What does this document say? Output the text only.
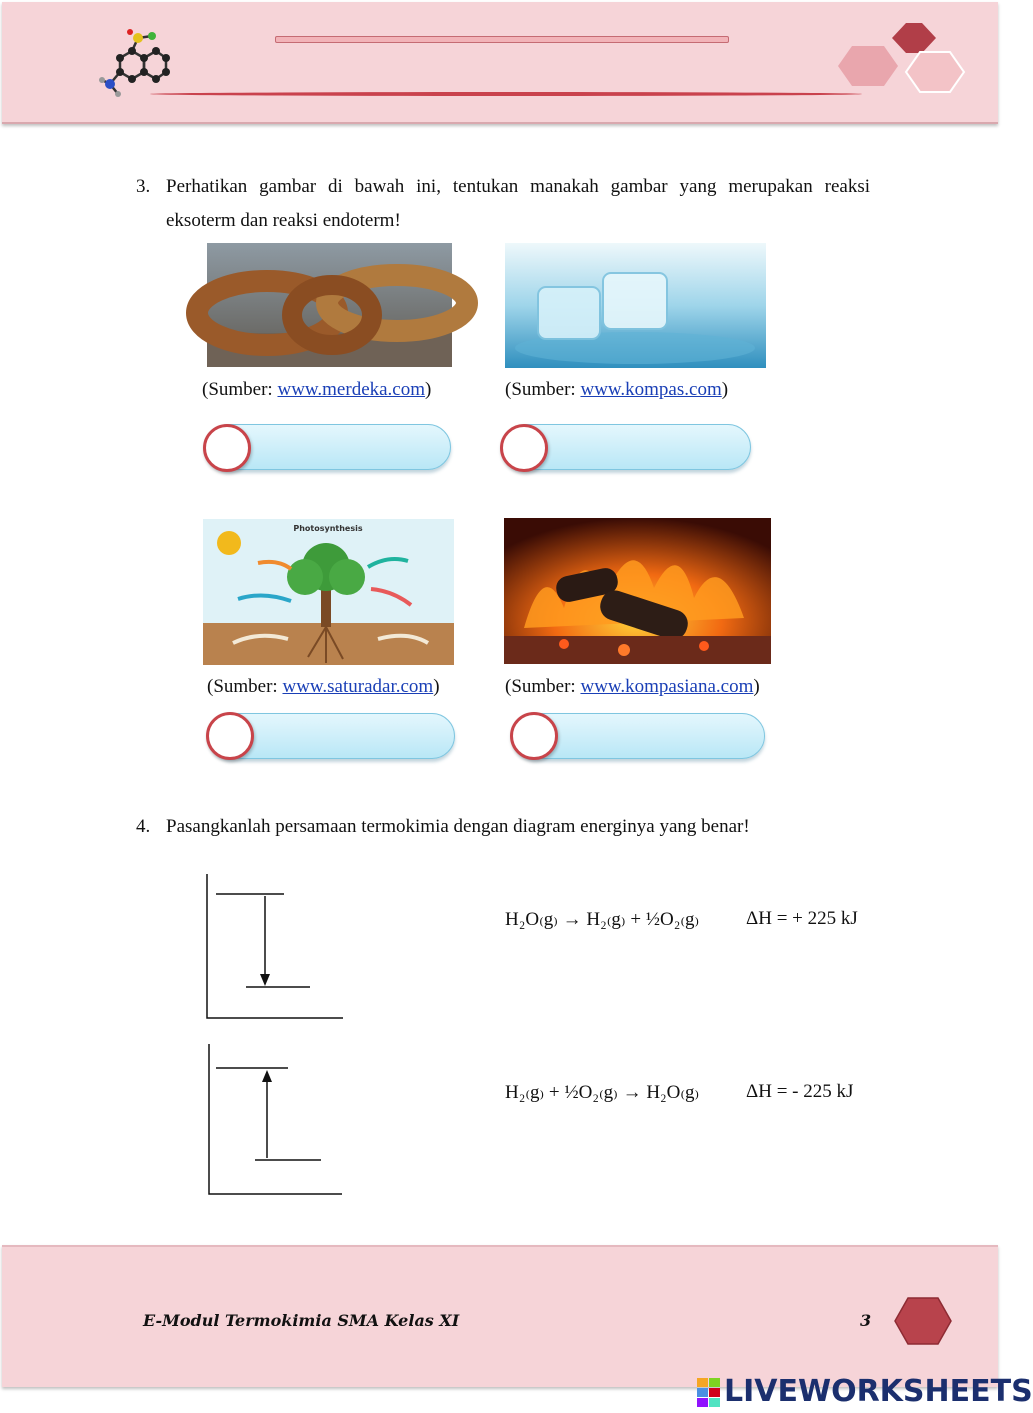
3. Perhatikan gambar di bawah ini, tentukan manakah gambar yang merupakan reaksi eksoterm dan reaksi endoterm!
(Sumber: www.merdeka.com)	(Sumber: www.kompas.com)
Photosynthesis
(Sumber: www.saturadar.com)	(Sumber: www.kompasiana.com)
4. Pasangkanlah persamaan termokimia dengan diagram energinya yang benar!
H₂O₍g₎ → H₂₍g₎ + ½O₂₍g₎ ΔH = + 225 kJ
H₂₍g₎ + ½O₂₍g₎ → H₂O₍g₎ ΔH = - 225 kJ
E-Modul Termokimia SMA Kelas XI	3
LIVEWORKSHEETS
